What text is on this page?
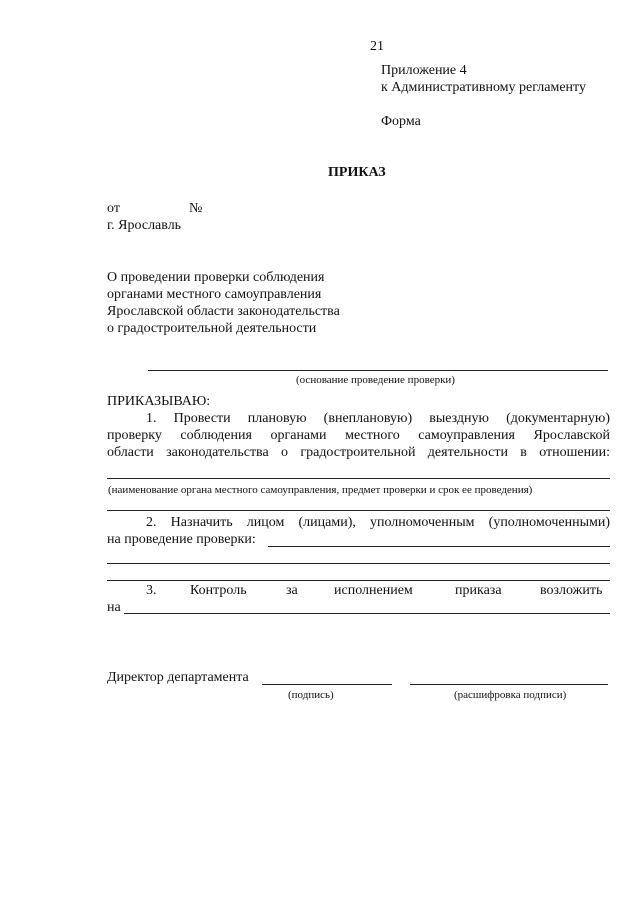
21
Приложение 4
к Административному регламенту
Форма
ПРИКАЗ
от	№
г. Ярославль
О проведении проверки соблюдения
органами местного самоуправления
Ярославской области законодательства
о градостроительной деятельности
(основание проведение проверки)
ПРИКАЗЫВАЮ:
1. Провести плановую (внеплановую) выездную (документарную)
проверку соблюдения органами местного самоуправления Ярославской
области законодательства о градостроительной деятельности в отношении:
(наименование органа местного самоуправления, предмет проверки и срок ее проведения)
2. Назначить лицом (лицами), уполномоченным (уполномоченными)
на проведение проверки:
3. Контроль	за	исполнением	приказа	возложить
на
Директор департамента
(подпись)	(расшифровка подписи)
